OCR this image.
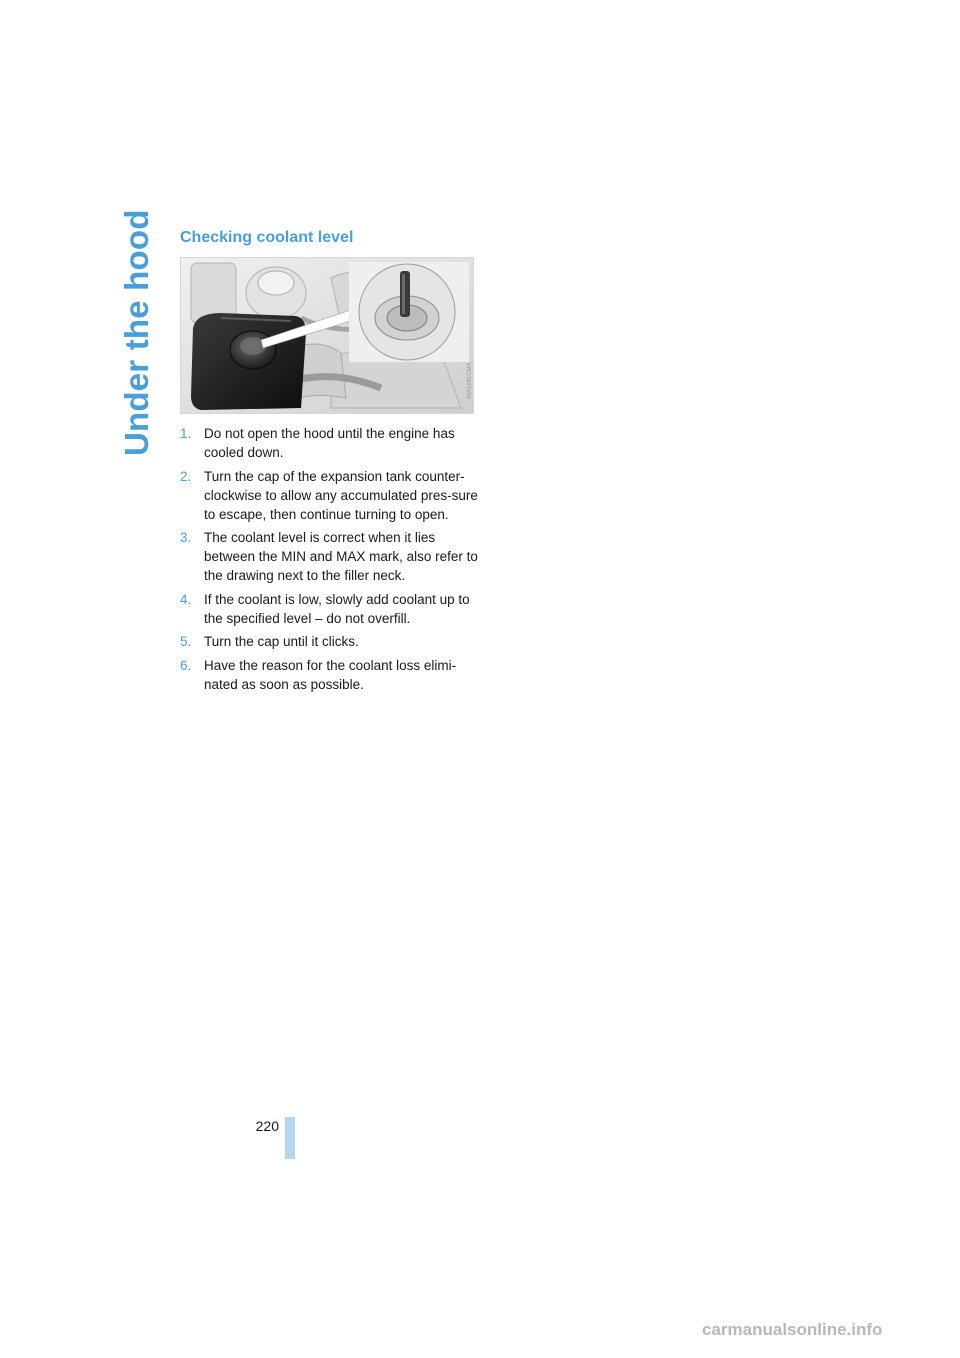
Under the hood Checking coolant level
MA1081CMA
1. Do not open the hood until the engine has cooled down.
2. Turn the cap of the expansion tank counter-clockwise to allow any accumulated pres-sure to escape, then continue turning to open.
3. The coolant level is correct when it lies between the MIN and MAX mark, also refer to the drawing next to the filler neck.
4. If the coolant is low, slowly add coolant up to the specified level – do not overfill.
5. Turn the cap until it clicks.
6. Have the reason for the coolant loss elimi-nated as soon as possible.
220
carmanualsonline.info
